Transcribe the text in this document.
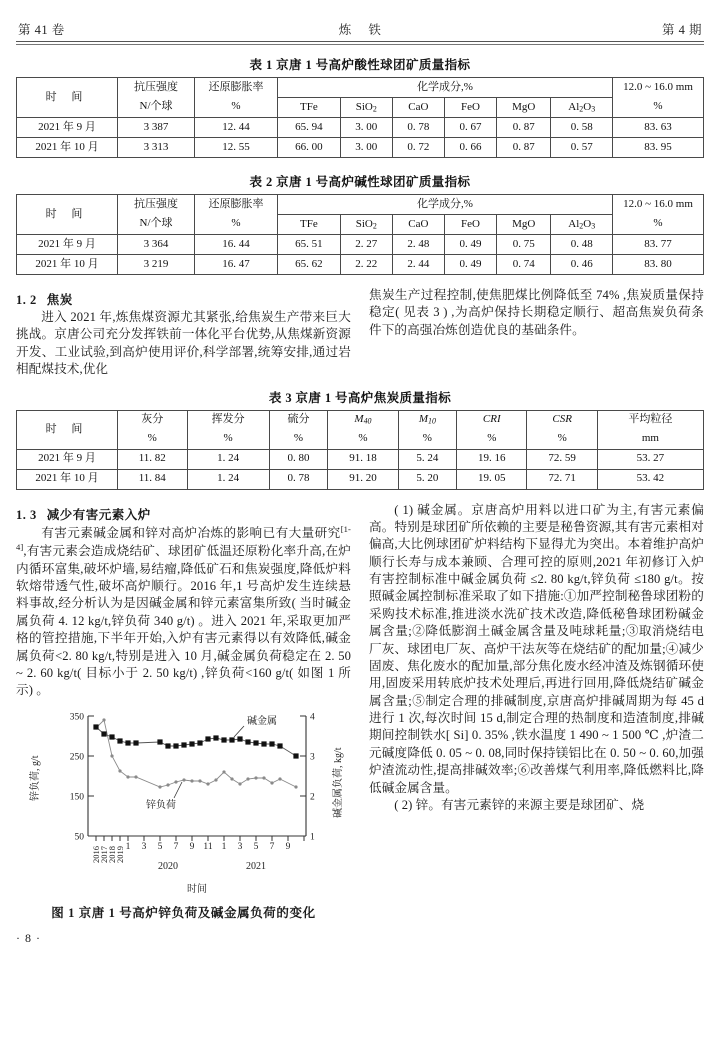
第 41 卷	炼 铁	第 4 期
表 1 京唐 1 号高炉酸性球团矿质量指标
时 间	抗压强度	还原膨胀率	化学成分,%						12.0 ~ 16.0 mm
	N/个球	%	TFe	SiO$_2$	CaO	FeO	MgO	$Al_2O_3$	%
2021 年 9 月	3 387	12. 44	65. 94	3. 00	0. 78	0. 67	0. 87	0. 58	83. 63
2021 年 10 月	3 313	12. 55	66. 00	3. 00	0. 72	0. 66	0. 87	0. 57	83. 95
表 2 京唐 1 号高炉碱性球团矿质量指标
时 间	抗压强度	还原膨胀率	化学成分,%						12.0 ~ 16.0 mm
	N/个球	%	TFe	SiO$_2$	CaO	FeO	MgO	$Al_2O_3$	%
2021 年 9 月	3 364	16. 44	65. 51	2. 27	2. 48	0. 49	0. 75	0. 48	83. 77
2021 年 10 月	3 219	16. 47	65. 62	2. 22	2. 44	0. 49	0. 74	0. 46	83. 80
1. 2 焦炭

进入 2021 年,炼焦煤资源尤其紧张,给焦炭生产带来巨大挑战。京唐公司充分发挥铁前一体化平台优势,从焦煤新资源开发、工业试验,到高炉使用评价,科学部署,统筹安排,通过岩相配煤技术,优化

焦炭生产过程控制,使焦肥煤比例降低至 74% ,焦炭质量保持稳定( 见表 3 ) ,为高炉保持长期稳定顺行、超高焦炭负荷条件下的高强冶炼创造优良的基础条件。

表 3 京唐 1 号高炉焦炭质量指标
时 间	灰分	挥发分	硫分	$M_{40}$	$M_{10}$	CRI	CSR	平均粒径
	%	%	%	%	%	%	%	mm
2021 年 9 月	11. 82	1. 24	0. 80	91. 18	5. 24	19. 16	72. 59	53. 27
2021 年 10 月	11. 84	1. 24	0. 78	91. 20	5. 20	19. 05	72. 71	53. 42
1. 3 减少有害元素入炉

有害元素碱金属和锌对高炉冶炼的影响已有大量研究[1-4],有害元素会造成烧结矿、球团矿低温还原粉化率升高,在炉内循环富集,破坏炉墙,易结瘤,降低矿石和焦炭强度,降低炉料软熔带透气性,破坏高炉顺行。2016 年,1 号高炉发生连续悬料事故,经分析认为是因碱金属和锌元素富集所致( 当时碱金属负荷 4. 12 kg/t,锌负荷 340 g/t) 。进入 2021 年,采取更加严格的管控措施,下半年开始,入炉有害元素得以有效降低,碱金属负荷<2. 80 kg/t,特别是进入 10 月,碱金属负荷稳定在 2. 50 ~ 2. 60 kg/t( 目标小于 2. 50 kg/t) ,锌负荷<160 g/t( 如图 1 所示) 。

350
250
150
50
4
3
2
1
锌负荷, g/t	碱金属负荷, kg/t
时间
2016
2017
2018
2019 1 3 5 7 9 11 1 3 5 7 9
2020	2021
碱金属
锌负荷
图 1 京唐 1 号高炉锌负荷及碱金属负荷的变化
· 8 ·

( 1) 碱金属。京唐高炉用料以进口矿为主,有害元素偏高。特别是球团矿所依赖的主要是秘鲁资源,其有害元素相对偏高,大比例球团矿炉料结构下显得尤为突出。本着维护高炉顺行长寿与成本兼顾、合理可控的原则,2021 年初修订入炉有害控制标准中碱金属负荷 ≤2. 80 kg/t,锌负荷 ≤180 g/t。按照碱金属控制标准采取了如下措施:①加严控制秘鲁球团粉的采购技术标准,推进淡水洗矿技术改造,降低秘鲁球团粉碱金属含量;②降低膨润土碱金属含量及吨球耗量;③取消烧结电厂灰、球团电厂灰、高炉干法灰等在烧结矿的配加量;④减少固废、焦化废水的配加量,部分焦化废水经冲渣及炼钢循环使用,固废采用转底炉技术处理后,再进行回用,降低烧结矿碱金属含量;⑤制定合理的排碱制度,京唐高炉排碱周期为每 45 d 进行 1 次,每次时间 15 d,制定合理的热制度和造渣制度,排碱期间控制铁水[ Si] 0. 35% ,铁水温度 1 490 ~ 1 500 ℃ ,炉渣二元碱度降低 0. 05 ~ 0. 08,同时保持镁铝比在 0. 50 ~ 0. 60,加强炉渣流动性,提高排碱效率;⑥改善煤气利用率,降低燃料比,降低碱金属含量。

( 2) 锌。有害元素锌的来源主要是球团矿、烧
